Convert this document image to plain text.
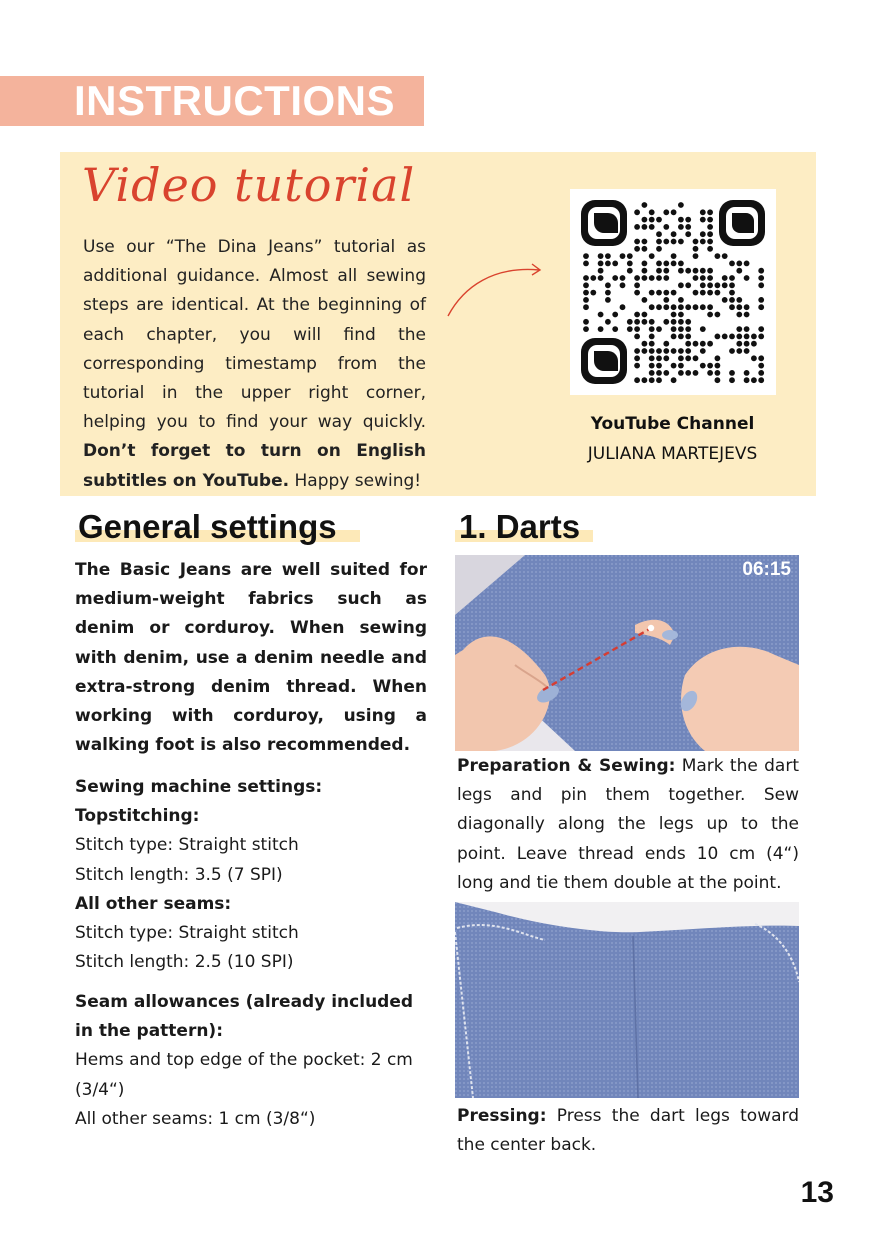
INSTRUCTIONS
Video tutorial
Use our “The Dina Jeans” tutorial as additional guidance. Almost all sewing steps are identical. At the beginning of each chapter, you will find the corresponding timestamp from the tutorial in the upper right corner, helping you to find your way quickly. Don’t forget to turn on English subtitles on YouTube. Happy sewing!
YouTube Channel
JULIANA MARTEJEVS
General settings

The Basic Jeans are well suited for medium-weight fabrics such as denim or corduroy. When sewing with denim, use a denim needle and extra-strong denim thread. When working with corduroy, using a walking foot is also recommended.

Sewing machine settings:

Topstitching:

Stitch type: Straight stitch

Stitch length: 3.5 (7 SPI)

All other seams:

Stitch type: Straight stitch

Stitch length: 2.5 (10 SPI)

Seam allowances (already included in the pattern):

Hems and top edge of the pocket: 2 cm (3/4“)

All other seams: 1 cm (3/8“)

1. Darts
06:15
Preparation & Sewing: Mark the dart legs and pin them together. Sew diagonally along the legs up to the point. Leave thread ends 10 cm (4“) long and tie them double at the point.
Pressing: Press the dart legs toward the center back.
13
